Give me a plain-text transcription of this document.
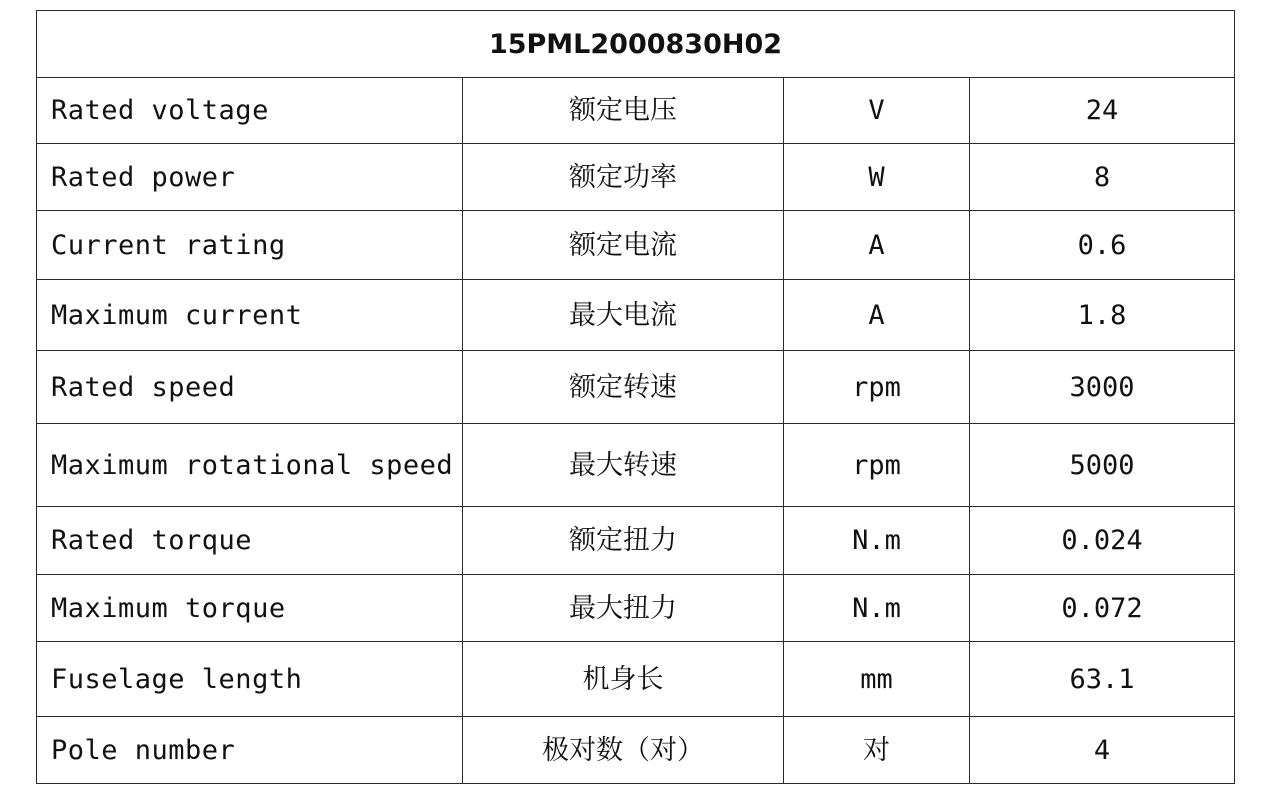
15PML2000830H02			
Rated voltage	额定电压	V	24
Rated power	额定功率	W	8
Current rating	额定电流	A	0.6
Maximum current	最大电流	A	1.8
Rated speed	额定转速	rpm	3000
Maximum rotational speed	最大转速	rpm	5000
Rated torque	额定扭力	N.m	0.024
Maximum torque	最大扭力	N.m	0.072
Fuselage length	机身长	mm	63.1
Pole number	极对数（对）	对	4
